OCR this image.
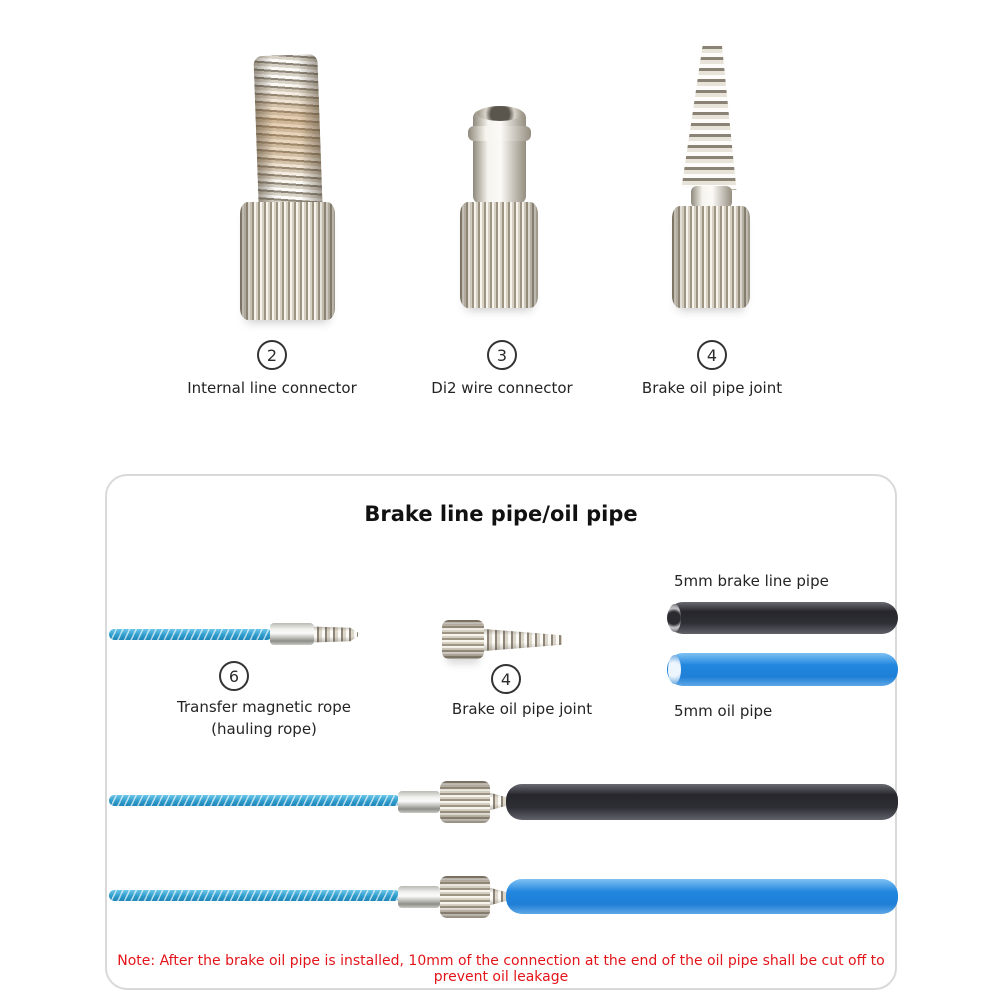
2
Internal line connector
3
Di2 wire connector
4
Brake oil pipe joint
Brake line pipe/oil pipe
6
Transfer magnetic rope
(hauling rope)
4
Brake oil pipe joint
5mm brake line pipe
5mm oil pipe
Note: After the brake oil pipe is installed, 10mm of the connection at the end of the oil pipe shall be cut off to prevent oil leakage
